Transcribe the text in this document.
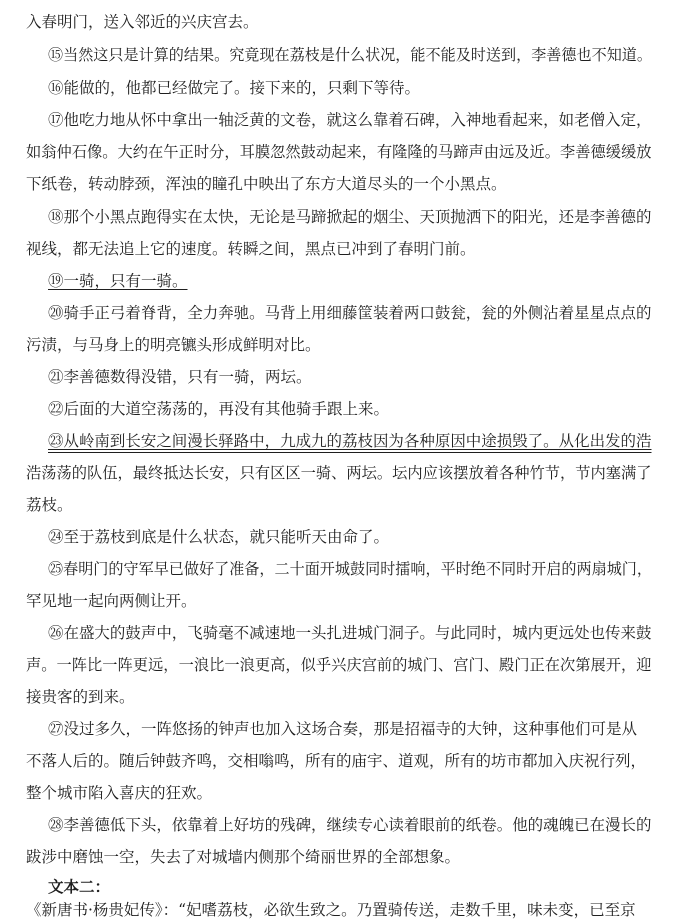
入春明门，送入邻近的兴庆宫去。
⑮当然这只是计算的结果。究竟现在荔枝是什么状况，能不能及时送到，李善德也不知道。
⑯能做的，他都已经做完了。接下来的，只剩下等待。
⑰他吃力地从怀中拿出一轴泛黄的文卷，就这么靠着石碑，入神地看起来，如老僧入定，
如翁仲石像。大约在午正时分，耳膜忽然鼓动起来，有隆隆的马蹄声由远及近。李善德缓缓放
下纸卷，转动脖颈，浑浊的瞳孔中映出了东方大道尽头的一个小黑点。
⑱那个小黑点跑得实在太快，无论是马蹄掀起的烟尘、天顶抛洒下的阳光，还是李善德的
视线，都无法追上它的速度。转瞬之间，黑点已冲到了春明门前。
⑲一骑，只有一骑。
⑳骑手正弓着脊背，全力奔驰。马背上用细藤筐装着两口鼓瓮，瓮的外侧沾着星星点点的
污渍，与马身上的明亮镳头形成鲜明对比。
㉑李善德数得没错，只有一骑，两坛。
㉒后面的大道空荡荡的，再没有其他骑手跟上来。
㉓从岭南到长安之间漫长驿路中，九成九的荔枝因为各种原因中途损毁了。从化出发的浩
浩荡荡的队伍，最终抵达长安，只有区区一骑、两坛。坛内应该摆放着各种竹节，节内塞满了
荔枝。
㉔至于荔枝到底是什么状态，就只能听天由命了。
㉕春明门的守军早已做好了准备，二十面开城鼓同时擂响，平时绝不同时开启的两扇城门，
罕见地一起向两侧让开。
㉖在盛大的鼓声中，飞骑毫不减速地一头扎进城门洞子。与此同时，城内更远处也传来鼓
声。一阵比一阵更远，一浪比一浪更高，似乎兴庆宫前的城门、宫门、殿门正在次第展开，迎
接贵客的到来。
㉗没过多久，一阵悠扬的钟声也加入这场合奏，那是招福寺的大钟，这种事他们可是从
不落人后的。随后钟鼓齐鸣，交相嗡鸣，所有的庙宇、道观，所有的坊市都加入庆祝行列，
整个城市陷入喜庆的狂欢。
㉘李善德低下头，依靠着上好坊的残碑，继续专心读着眼前的纸卷。他的魂魄已在漫长的
跋涉中磨蚀一空，失去了对城墙内侧那个绮丽世界的全部想象。
文本二：
《新唐书·杨贵妃传》：“妃嗜荔枝，必欲生致之。乃置骑传送，走数千里，味未变，已至京
